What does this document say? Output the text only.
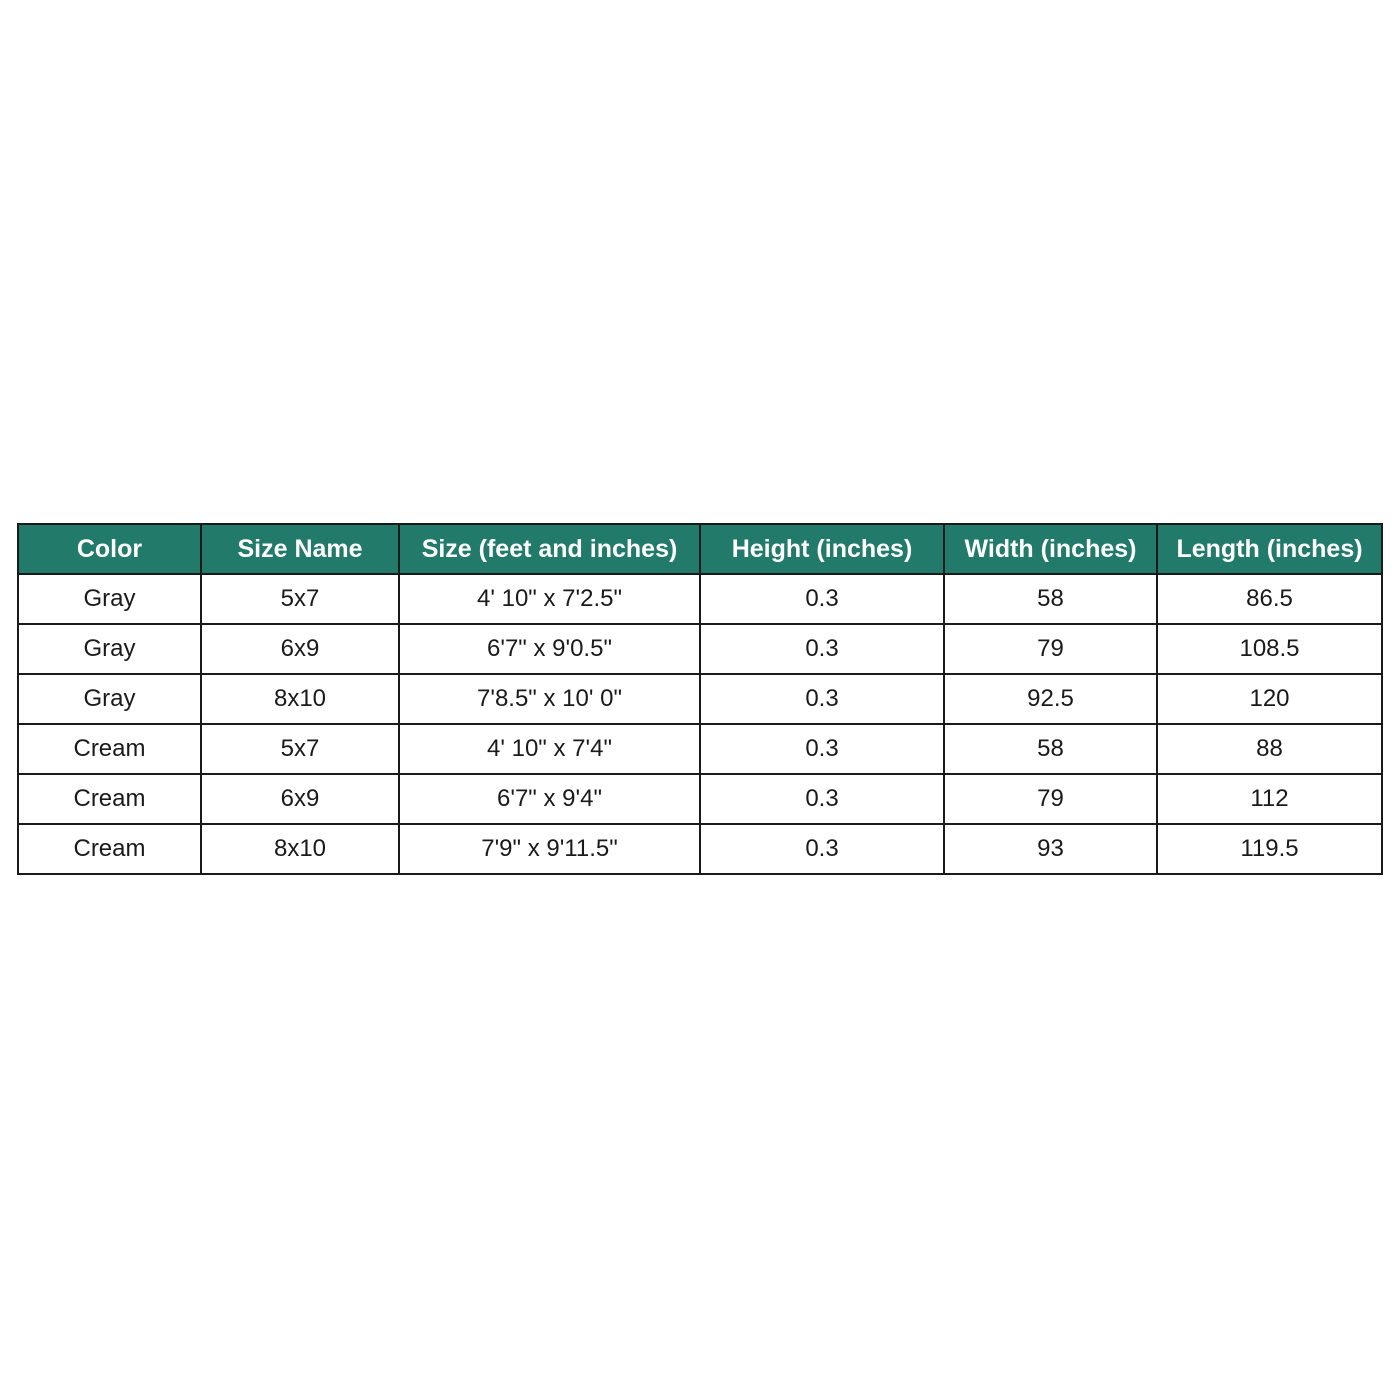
Color	Size Name	Size (feet and inches)	Height (inches)	Width (inches)	Length (inches)
Gray	5x7	4' 10" x 7'2.5"	0.3	58	86.5
Gray	6x9	6'7" x 9'0.5"	0.3	79	108.5
Gray	8x10	7'8.5" x 10' 0"	0.3	92.5	120
Cream	5x7	4' 10" x 7'4"	0.3	58	88
Cream	6x9	6'7" x 9'4"	0.3	79	112
Cream	8x10	7'9" x 9'11.5"	0.3	93	119.5
